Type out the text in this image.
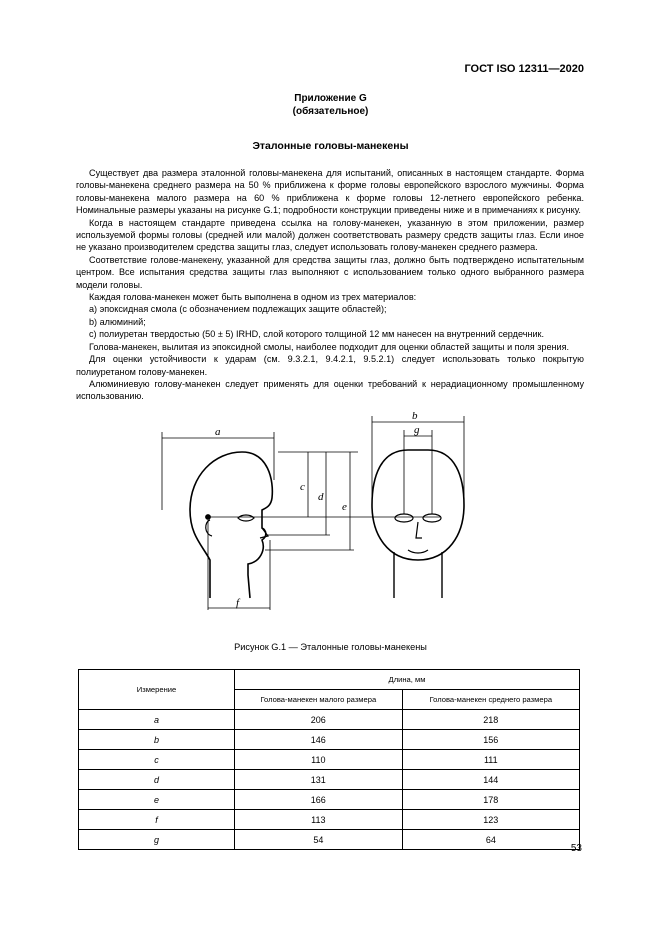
ГОСТ ISO 12311—2020
Приложение G
(обязательное)
Эталонные головы-манекены

Существует два размера эталонной головы-манекена для испытаний, описанных в настоящем стандарте. Форма головы-манекена среднего размера на 50 % приближена к форме головы европейского взрослого мужчины. Форма головы-манекена малого размера на 60 % приближена к форме головы 12-летнего европейского ребенка. Номинальные размеры указаны на рисунке G.1; подробности конструкции приведены ниже и в примечаниях к рисунку.

Когда в настоящем стандарте приведена ссылка на голову-манекен, указанную в этом приложении, размер используемой формы головы (средней или малой) должен соответствовать размеру средств защиты глаз. Если иное не указано производителем средства защиты глаз, следует использовать голову-манекен среднего размера.

Соответствие голове-манекену, указанной для средства защиты глаз, должно быть подтверждено испытательным центром. Все испытания средства защиты глаз выполняют с использованием только одного выбранного размера модели головы.

Каждая голова-манекен может быть выполнена в одном из трех материалов:

a) эпоксидная смола (с обозначением подлежащих защите областей);

b) алюминий;

c) полиуретан твердостью (50 ± 5) IRHD, слой которого толщиной 12 мм нанесен на внутренний сердечник.

Голова-манекен, вылитая из эпоксидной смолы, наиболее подходит для оценки областей защиты и поля зрения.

Для оценки устойчивости к ударам (см. 9.3.2.1, 9.4.2.1, 9.5.2.1) следует использовать только покрытую полиуретаном голову-манекен.

Алюминиевую голову-манекен следует применять для оценки требований к нерадиационному промышленному использованию.

a
b
c
d
e
f
g
Рисунок G.1 — Эталонные головы-манекены
Измерение	Длина, мм	
	Голова-манекен малого размера	Голова-манекен среднего размера
a	206	218
b	146	156
c	110	111
d	131	144
e	166	178
f	113	123
g	54	64
53
